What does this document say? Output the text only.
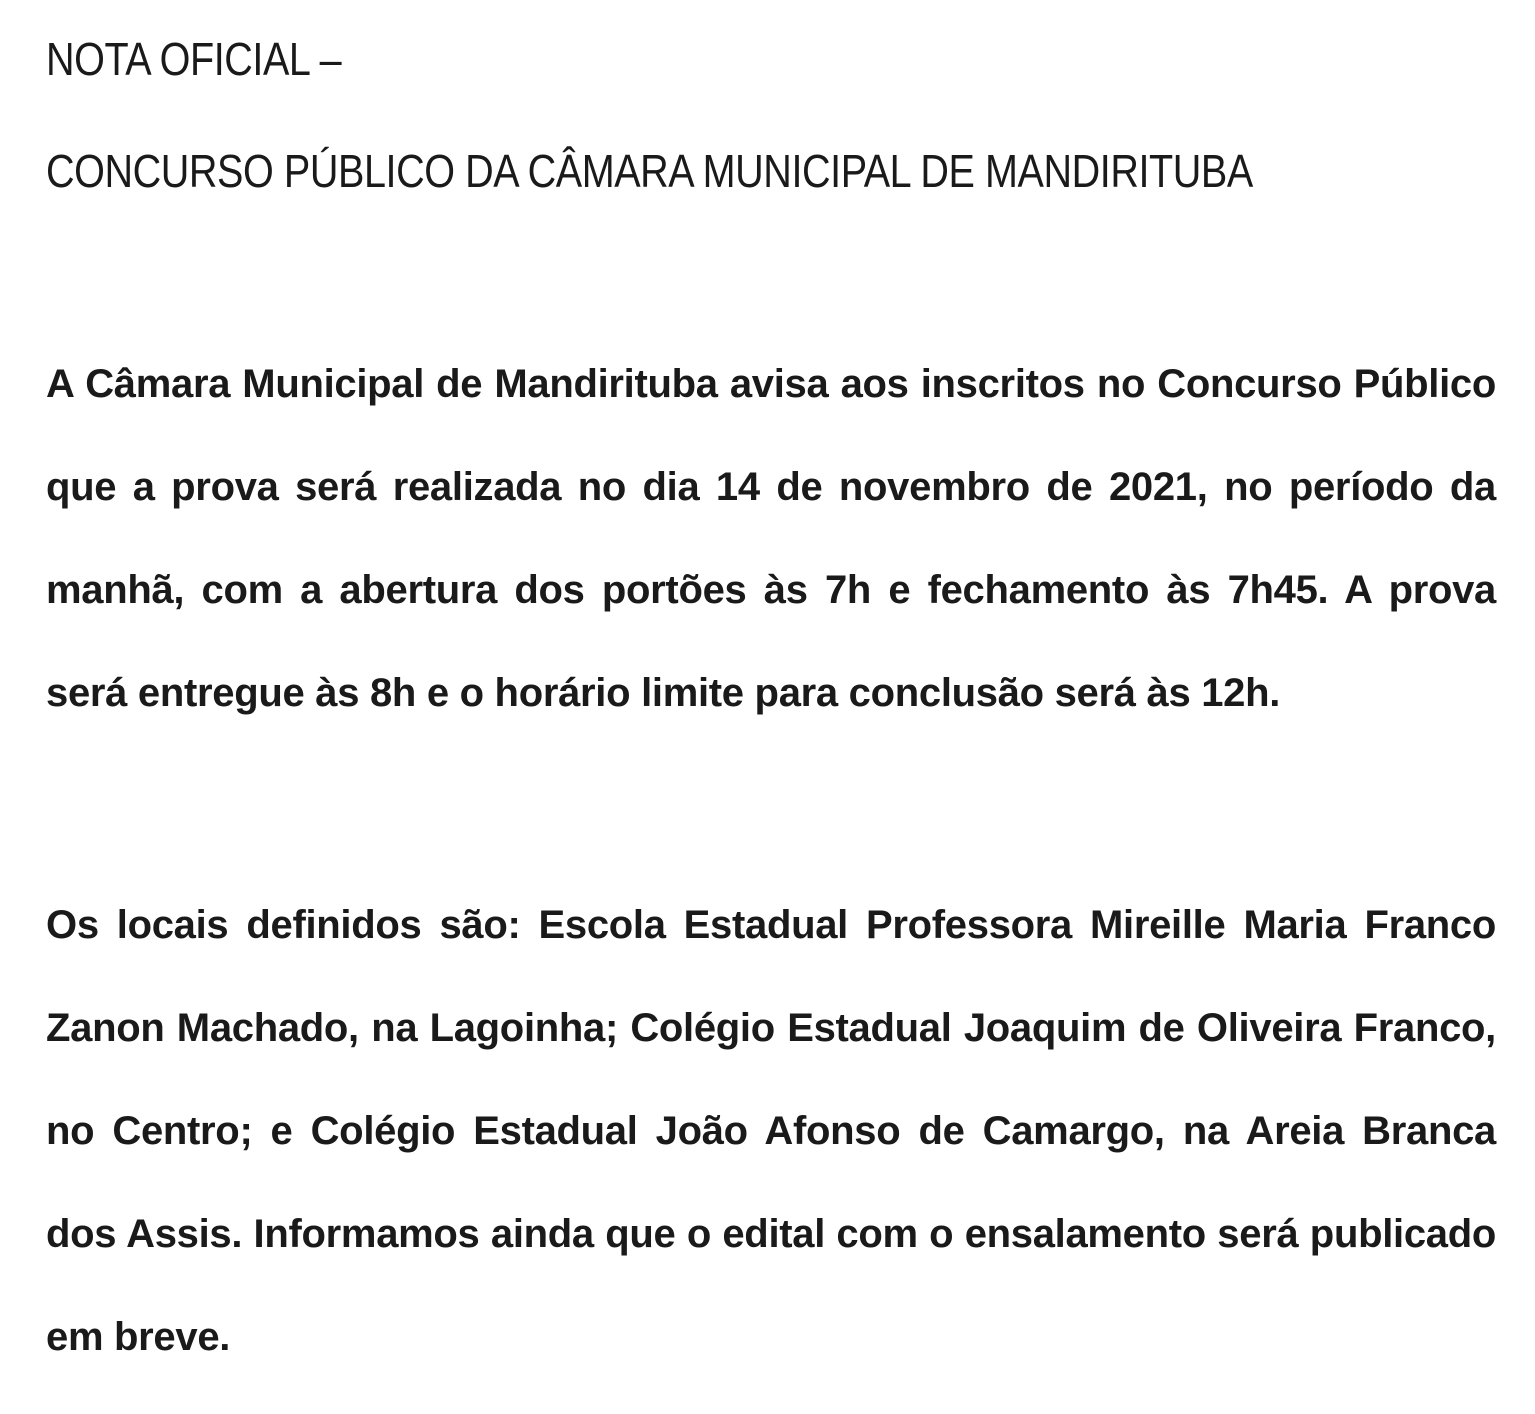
NOTA OFICIAL –
CONCURSO PÚBLICO DA CÂMARA MUNICIPAL DE MANDIRITUBA

A Câmara Municipal de Mandirituba avisa aos inscritos no Concurso Público que a prova será realizada no dia 14 de novembro de 2021, no período da manhã, com a abertura dos portões às 7h e fechamento às 7h45. A prova será entregue às 8h e o horário limite para conclusão será às 12h.

Os locais definidos são: Escola Estadual Professora Mireille Maria Franco Zanon Machado, na Lagoinha; Colégio Estadual Joaquim de Oliveira Franco, no Centro; e Colégio Estadual João Afonso de Camargo, na Areia Branca dos Assis. Informamos ainda que o edital com o ensalamento será publicado em breve.
